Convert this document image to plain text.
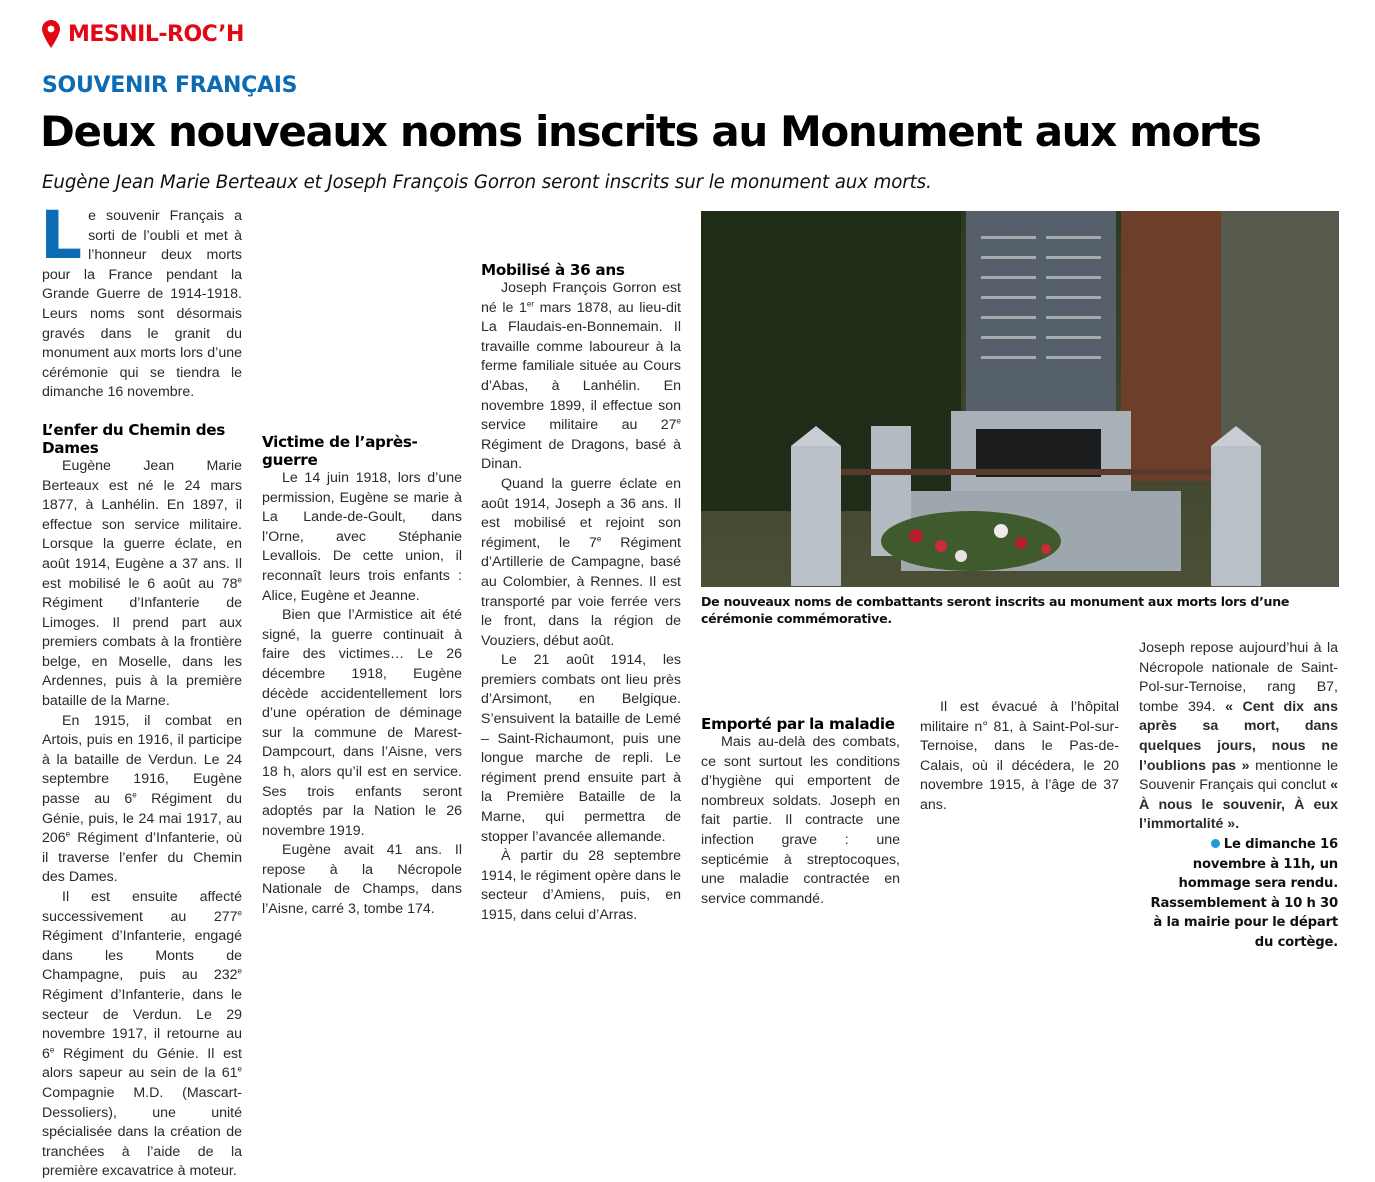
MESNIL-ROC’H
SOUVENIR FRANÇAIS
Deux nouveaux noms inscrits au Monument aux morts
Eugène Jean Marie Berteaux et Joseph François Gorron seront inscrits sur le monument aux morts.

Le souvenir Français a sorti de l’oubli et met à l’honneur deux morts pour la France pendant la Grande Guerre de 1914-1918. Leurs noms sont désormais gravés dans le granit du monument aux morts lors d’une cérémonie qui se tiendra le dimanche 16 novembre.

L’enfer du Chemin des Dames

Eugène Jean Marie Berteaux est né le 24 mars 1877, à Lanhélin. En 1897, il effectue son service militaire. Lorsque la guerre éclate, en août 1914, Eugène a 37 ans. Il est mobilisé le 6 août au 78e Régiment d’Infanterie de Limoges. Il prend part aux premiers combats à la frontière belge, en Moselle, dans les Ardennes, puis à la première bataille de la Marne.

En 1915, il combat en Artois, puis en 1916, il participe à la bataille de Verdun. Le 24 septembre 1916, Eugène passe au 6e Régiment du Génie, puis, le 24 mai 1917, au 206e Régiment d’Infanterie, où il traverse l’enfer du Chemin des Dames.

Il est ensuite affecté successivement au 277e Régiment d’Infanterie, engagé dans les Monts de Champagne, puis au 232e Régiment d’Infanterie, dans le secteur de Verdun. Le 29 novembre 1917, il retourne au 6e Régiment du Génie. Il est alors sapeur au sein de la 61e Compagnie M.D. (Mascart-Dessoliers), une unité spécialisée dans la création de tranchées à l’aide de la première excavatrice à moteur.

Victime de l’après-guerre

Le 14 juin 1918, lors d’une permission, Eugène se marie à La Lande-de-Goult, dans l’Orne, avec Stéphanie Levallois. De cette union, il reconnaît leurs trois enfants : Alice, Eugène et Jeanne.

Bien que l’Armistice ait été signé, la guerre continuait à faire des victimes… Le 26 décembre 1918, Eugène décède accidentellement lors d’une opération de déminage sur la commune de Marest-Dampcourt, dans l’Aisne, vers 18 h, alors qu’il est en service. Ses trois enfants seront adoptés par la Nation le 26 novembre 1919.

Eugène avait 41 ans. Il repose à la Nécropole Nationale de Champs, dans l’Aisne, carré 3, tombe 174.

Mobilisé à 36 ans

Joseph François Gorron est né le 1er mars 1878, au lieu-dit La Flaudais-en-Bonnemain. Il travaille comme laboureur à la ferme familiale située au Cours d’Abas, à Lanhélin. En novembre 1899, il effectue son service militaire au 27e Régiment de Dragons, basé à Dinan.

Quand la guerre éclate en août 1914, Joseph a 36 ans. Il est mobilisé et rejoint son régiment, le 7e Régiment d’Artillerie de Campagne, basé au Colombier, à Rennes. Il est transporté par voie ferrée vers le front, dans la région de Vouziers, début août.

Le 21 août 1914, les premiers combats ont lieu près d’Arsimont, en Belgique. S’ensuivent la bataille de Lemé – Saint-Richaumont, puis une longue marche de repli. Le régiment prend ensuite part à la Première Bataille de la Marne, qui permettra de stopper l’avancée allemande.

À partir du 28 septembre 1914, le régiment opère dans le secteur d’Amiens, puis, en 1915, dans celui d’Arras.

De nouveaux noms de combattants seront inscrits au monument aux morts lors d’une cérémonie commémorative.
Emporté par la maladie

Mais au-delà des combats, ce sont surtout les conditions d’hygiène qui emportent de nombreux soldats. Joseph en fait partie. Il contracte une infection grave : une septicémie à streptocoques, une maladie contractée en service commandé.

Il est évacué à l’hôpital militaire n° 81, à Saint-Pol-sur-Ternoise, dans le Pas-de-Calais, où il décédera, le 20 novembre 1915, à l’âge de 37 ans.

Joseph repose aujourd’hui à la Nécropole nationale de Saint-Pol-sur-Ternoise, rang B7, tombe 394. « Cent dix ans après sa mort, dans quelques jours, nous ne l’oublions pas » mentionne le Souvenir Français qui conclut « À nous le souvenir, À eux l’immortalité ».

Le dimanche 16 novembre à 11h, un hommage sera rendu. Rassemblement à 10 h 30 à la mairie pour le départ du cortège.
